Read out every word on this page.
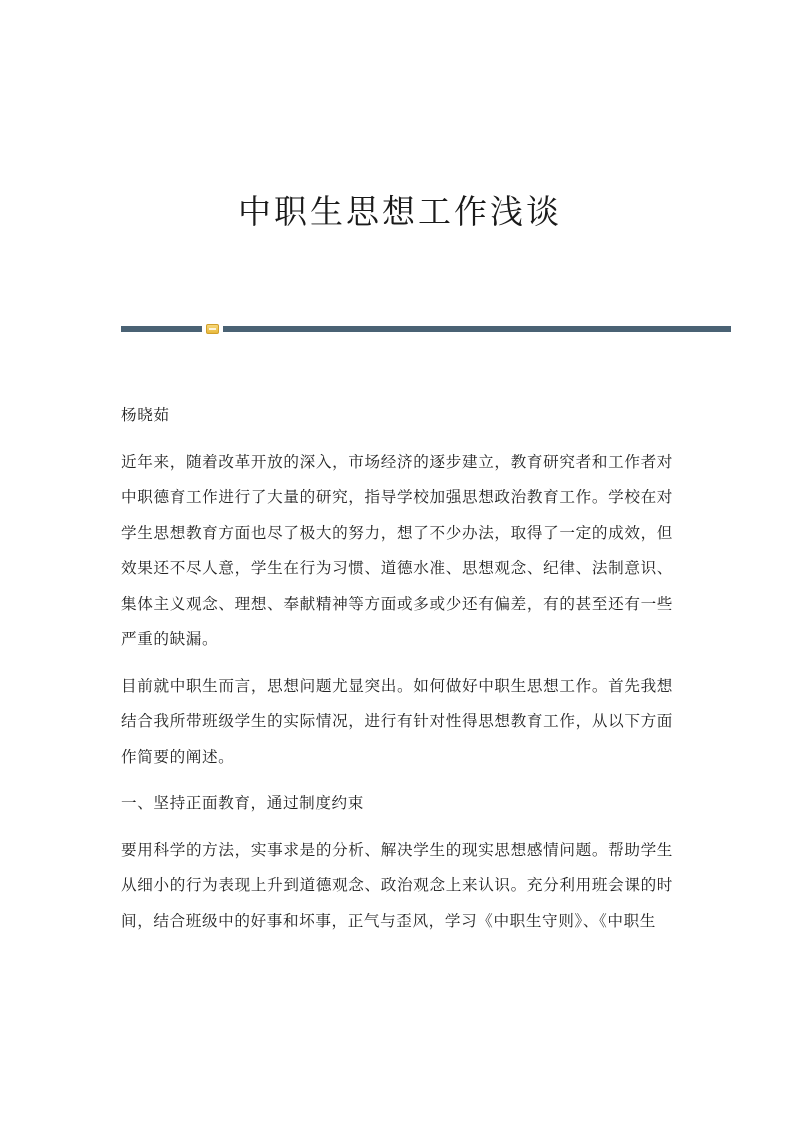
中职生思想工作浅谈

杨晓茹

近年来，随着改革开放的深入，市场经济的逐步建立，教育研究者和工作者对中职德育工作进行了大量的研究，指导学校加强思想政治教育工作。学校在对学生思想教育方面也尽了极大的努力，想了不少办法，取得了一定的成效，但效果还不尽人意，学生在行为习惯、道德水准、思想观念、纪律、法制意识、集体主义观念、理想、奉献精神等方面或多或少还有偏差，有的甚至还有一些严重的缺漏。

目前就中职生而言，思想问题尤显突出。如何做好中职生思想工作。首先我想结合我所带班级学生的实际情况，进行有针对性得思想教育工作，从以下方面作简要的阐述。

一、坚持正面教育，通过制度约束

要用科学的方法，实事求是的分析、解决学生的现实思想感情问题。帮助学生从细小的行为表现上升到道德观念、政治观念上来认识。充分利用班会课的时间，结合班级中的好事和坏事，正气与歪风，学习《中职生守则》、《中职生
